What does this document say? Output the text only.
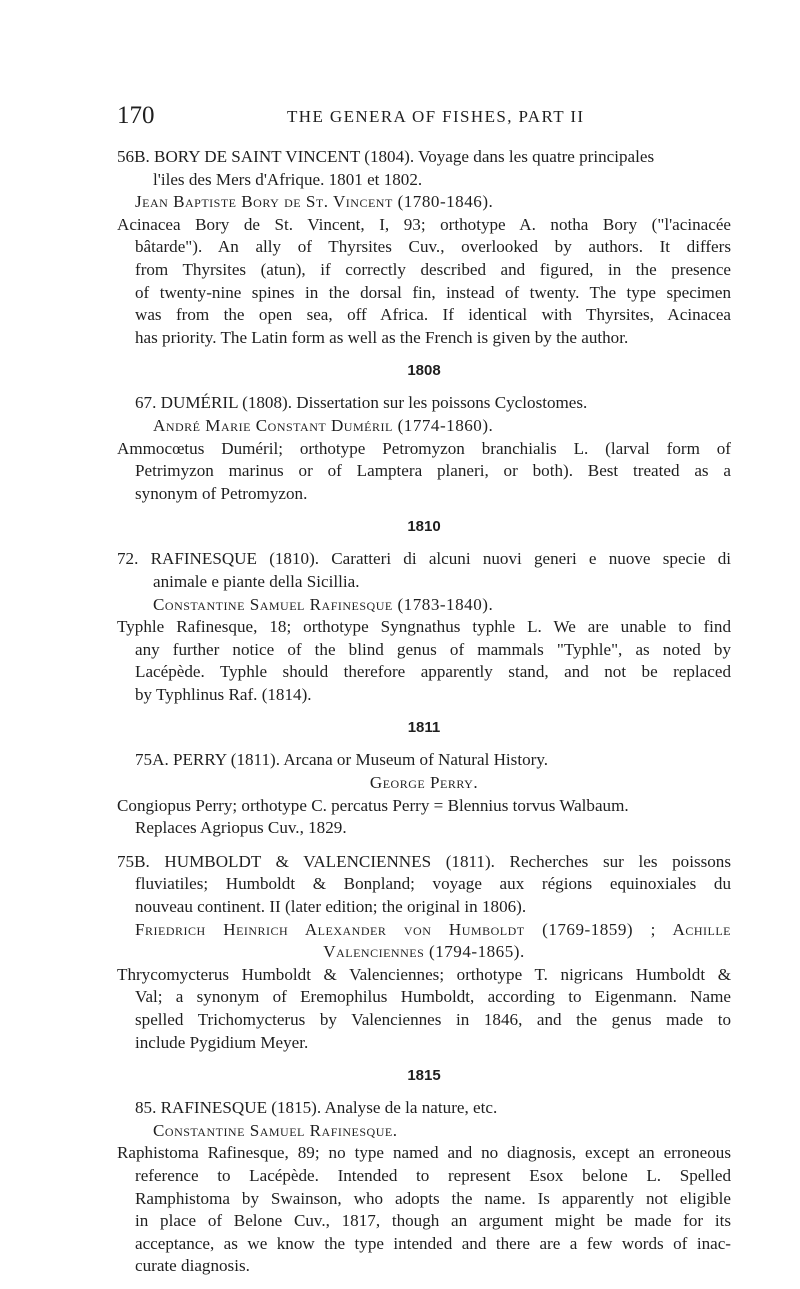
170	THE GENERA OF FISHES, PART II
56B. BORY DE SAINT VINCENT (1804). Voyage dans les quatre principales
l'iles des Mers d'Afrique. 1801 et 1802.
Jean Baptiste Bory de St. Vincent (1780-1846).
Acinacea Bory de St. Vincent, I, 93; orthotype A. notha Bory ("l'acinacée
bâtarde"). An ally of Thyrsites Cuv., overlooked by authors. It differs
from Thyrsites (atun), if correctly described and figured, in the presence
of twenty-nine spines in the dorsal fin, instead of twenty. The type specimen
was from the open sea, off Africa. If identical with Thyrsites, Acinacea
has priority. The Latin form as well as the French is given by the author.
1808
67. DUMÉRIL (1808). Dissertation sur les poissons Cyclostomes.
André Marie Constant Duméril (1774-1860).
Ammocœtus Duméril; orthotype Petromyzon branchialis L. (larval form of
Petrimyzon marinus or of Lamptera planeri, or both). Best treated as a
synonym of Petromyzon.
1810
72. RAFINESQUE (1810). Caratteri di alcuni nuovi generi e nuove specie di
animale e piante della Sicillia.
Constantine Samuel Rafinesque (1783-1840).
Typhle Rafinesque, 18; orthotype Syngnathus typhle L. We are unable to find
any further notice of the blind genus of mammals "Typhle", as noted by
Lacépède. Typhle should therefore apparently stand, and not be replaced
by Typhlinus Raf. (1814).
1811
75A. PERRY (1811). Arcana or Museum of Natural History.
George Perry.
Congiopus Perry; orthotype C. percatus Perry = Blennius torvus Walbaum.
Replaces Agriopus Cuv., 1829.
75B. HUMBOLDT & VALENCIENNES (1811). Recherches sur les poissons
fluviatiles; Humboldt & Bonpland; voyage aux régions equinoxiales du
nouveau continent. II (later edition; the original in 1806).
Friedrich Heinrich Alexander von Humboldt (1769-1859) ; Achille
Valenciennes (1794-1865).
Thrycomycterus Humboldt & Valenciennes; orthotype T. nigricans Humboldt &
Val; a synonym of Eremophilus Humboldt, according to Eigenmann. Name
spelled Trichomycterus by Valenciennes in 1846, and the genus made to
include Pygidium Meyer.
1815
85. RAFINESQUE (1815). Analyse de la nature, etc.
Constantine Samuel Rafinesque.
Raphistoma Rafinesque, 89; no type named and no diagnosis, except an erroneous
reference to Lacépède. Intended to represent Esox belone L. Spelled
Ramphistoma by Swainson, who adopts the name. Is apparently not eligible
in place of Belone Cuv., 1817, though an argument might be made for its
acceptance, as we know the type intended and there are a few words of inac-
curate diagnosis.
